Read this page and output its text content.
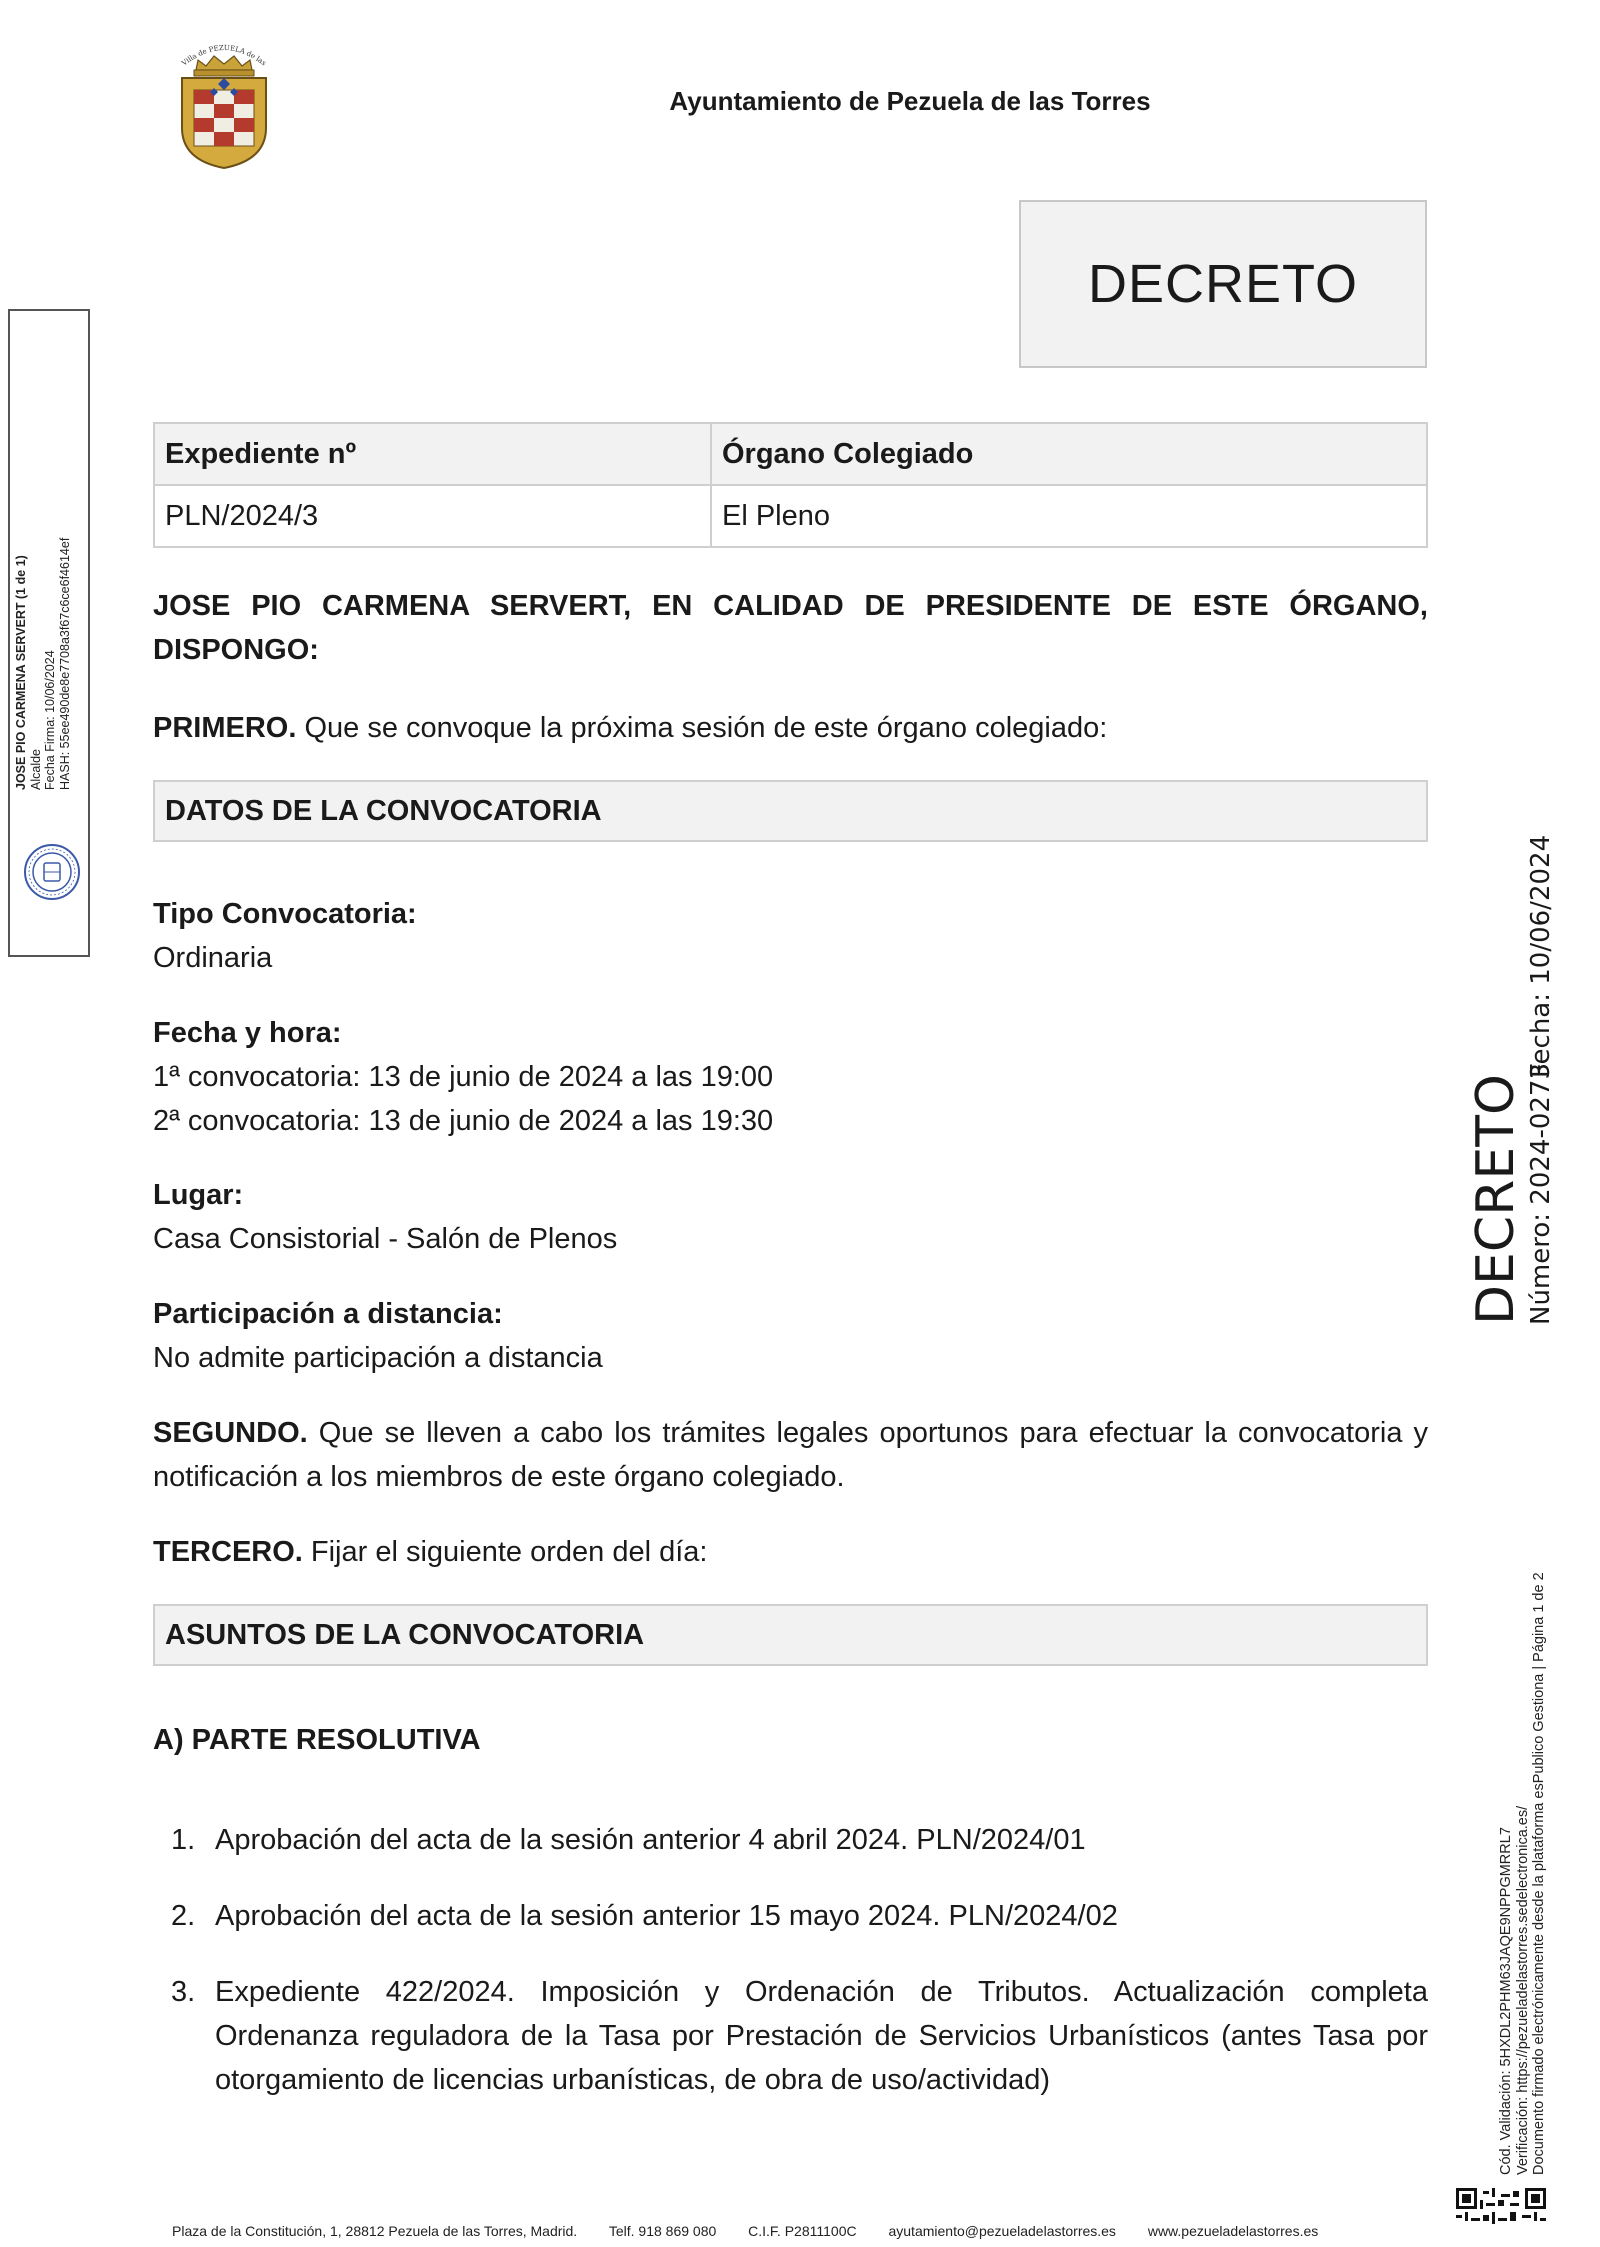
Villa de PEZUELA de las
Ayuntamiento de Pezuela de las Torres
DECRETO
JOSE PIO CARMENA SERVERT (1 de 1) Alcalde Fecha Firma: 10/06/2024 HASH: 55ee490de8e7708a3f67c6ce6f4614ef
Expediente nº	Órgano Colegiado
PLN/2024/3	El Pleno
JOSE PIO CARMENA SERVERT, EN CALIDAD DE PRESIDENTE DE ESTE ÓRGANO, DISPONGO:
PRIMERO. Que se convoque la próxima sesión de este órgano colegiado:
DATOS DE LA CONVOCATORIA
Tipo Convocatoria:
Ordinaria
Fecha y hora:
1ª convocatoria: 13 de junio de 2024 a las 19:00
2ª convocatoria: 13 de junio de 2024 a las 19:30
Lugar:
Casa Consistorial - Salón de Plenos
Participación a distancia:
No admite participación a distancia
SEGUNDO. Que se lleven a cabo los trámites legales oportunos para efectuar la convocatoria y notificación a los miembros de este órgano colegiado.
TERCERO. Fijar el siguiente orden del día:
ASUNTOS DE LA CONVOCATORIA
A) PARTE RESOLUTIVA
1. Aprobación del acta de la sesión anterior 4 abril 2024. PLN/2024/01
2. Aprobación del acta de la sesión anterior 15 mayo 2024. PLN/2024/02
3. Expediente 422/2024. Imposición y Ordenación de Tributos. Actualización completa Ordenanza reguladora de la Tasa por Prestación de Servicios Urbanísticos (antes Tasa por otorgamiento de licencias urbanísticas, de obra de uso/actividad)
DECRETO Número: 2024-0273
Fecha: 10/06/2024
Cód. Validación: 5HXDL2PHM63JAQE9NPPGMRRL7 Verificación: https://pezueladelastorres.sedelectronica.es/ Documento firmado electrónicamente desde la plataforma esPublico Gestiona | Página 1 de 2
Plaza de la Constitución, 1, 28812 Pezuela de las Torres, Madrid. Telf. 918 869 080 C.I.F. P2811100C ayutamiento@pezueladelastorres.es www.pezueladelastorres.es
